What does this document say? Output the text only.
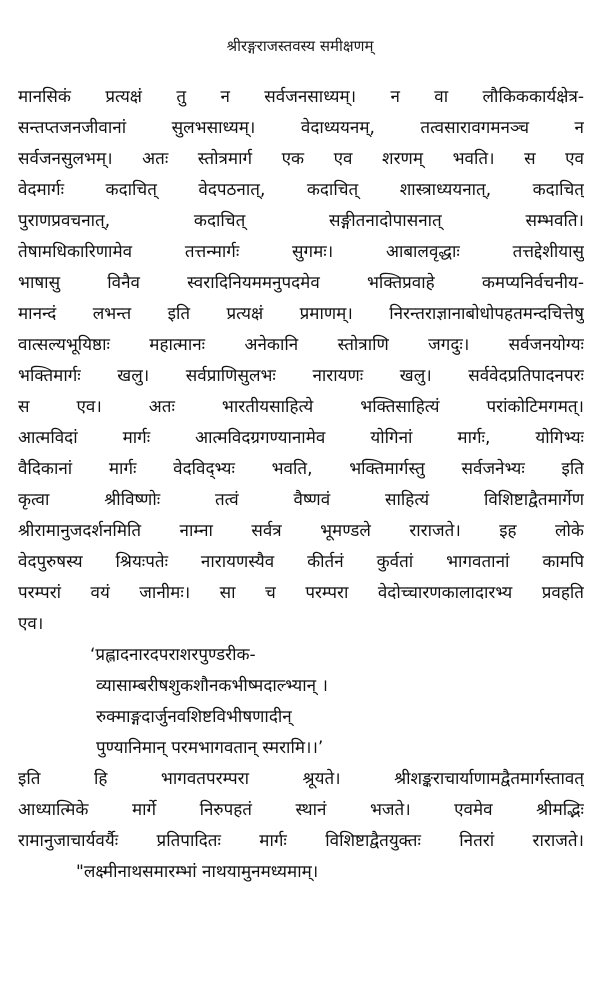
श्रीरङ्गराजस्तवस्य समीक्षणम्
मानसिकं प्रत्यक्षं तु न सर्वजनसाध्यम्। न वा लौकिककार्यक्षेत्र-
सन्तप्तजनजीवानां सुलभसाध्यम्। वेदाध्ययनम्, तत्वसारावगमनञ्च न
सर्वजनसुलभम्। अतः स्तोत्रमार्ग एक एव शरणम् भवति। स एव
वेदमार्गः कदाचित् वेदपठनात्, कदाचित् शास्त्राध्ययनात्, कदाचित्
पुराणप्रवचनात्, कदाचित् सङ्गीतनादोपासनात् सम्भवति।
तेषामधिकारिणामेव तत्तन्मार्गः सुगमः। आबालवृद्धाः तत्तद्देशीयासु
भाषासु विनैव स्वरादिनियममनुपदमेव भक्तिप्रवाहे कमप्यनिर्वचनीय-
मानन्दं लभन्त इति प्रत्यक्षं प्रमाणम्। निरन्तराज्ञानाबोधोपहतमन्दचित्तेषु
वात्सल्यभूयिष्ठाः महात्मानः अनेकानि स्तोत्राणि जगदुः। सर्वजनयोग्यः
भक्तिमार्गः खलु। सर्वप्राणिसुलभः नारायणः खलु। सर्ववेदप्रतिपादनपरः
स एव। अतः भारतीयसाहित्ये भक्तिसाहित्यं परांकोटिमगमत्।
आत्मविदां मार्गः आत्मविदग्रगण्यानामेव योगिनां मार्गः, योगिभ्यः
वैदिकानां मार्गः वेदविद्भ्यः भवति, भक्तिमार्गस्तु सर्वजनेभ्यः इति
कृत्वा श्रीविष्णोः तत्वं वैष्णवं साहित्यं विशिष्टाद्वैतमार्गेण
श्रीरामानुजदर्शनमिति नाम्ना सर्वत्र भूमण्डले राराजते। इह लोके
वेदपुरुषस्य श्रियःपतेः नारायणस्यैव कीर्तनं कुर्वतां भागवतानां कामपि
परम्परां वयं जानीमः। सा च परम्परा वेदोच्चारणकालादारभ्य प्रवहति
एव।
‘प्रह्लादनारदपराशरपुण्डरीक-
व्यासाम्बरीषशुकशौनकभीष्मदाल्भ्यान् ।
रुक्माङ्गदार्जुनवशिष्टविभीषणादीन्
पुण्यानिमान् परमभागवतान् स्मरामि।।’
इति हि भागवतपरम्परा श्रूयते। श्रीशङ्कराचार्याणामद्वैतमार्गस्तावत्
आध्यात्मिके मार्गे निरुपहतं स्थानं भजते। एवमेव श्रीमद्भिः
रामानुजाचार्यवर्यैः प्रतिपादितः मार्गः विशिष्टाद्वैतयुक्तः नितरां राराजते।
"लक्ष्मीनाथसमारम्भां नाथयामुनमध्यमाम्।
